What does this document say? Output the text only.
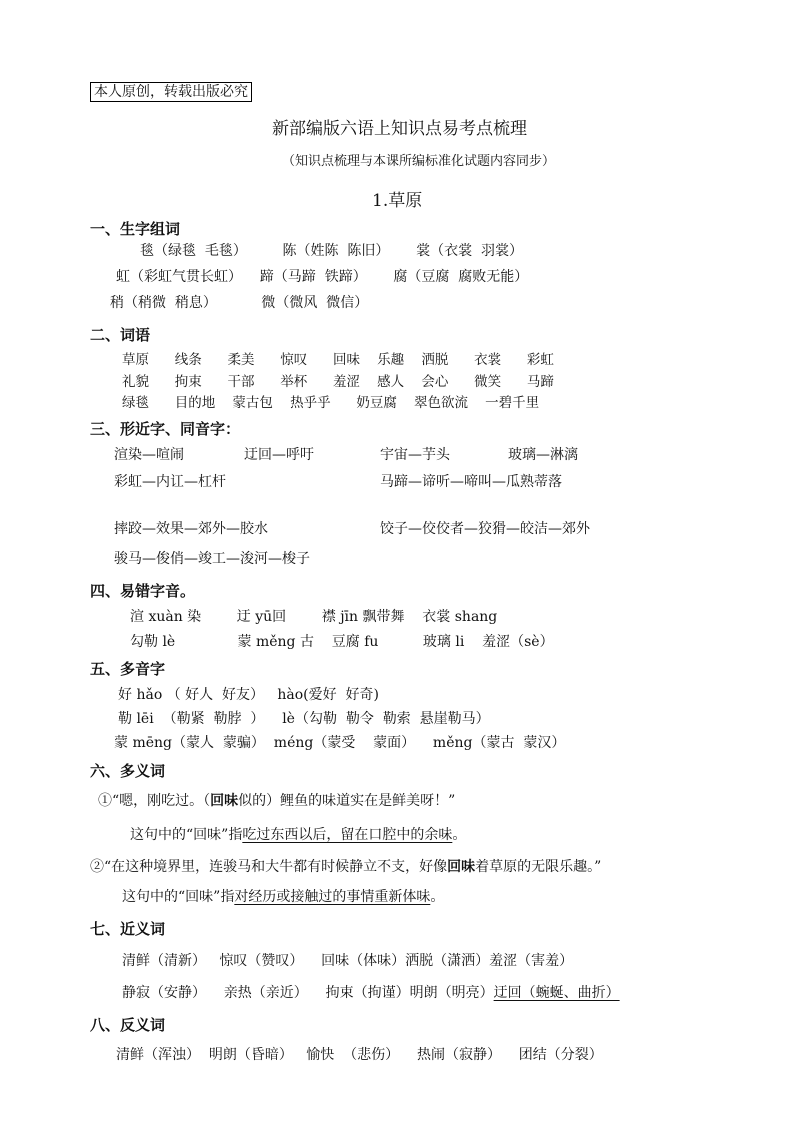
本人原创，转载出版必究
新部编版六语上知识点易考点梳理
（知识点梳理与本课所编标准化试题内容同步）
1.草原
一、生字组词
毯（绿毯  毛毯）        陈（姓陈  陈旧）      裳（衣裳  羽裳）
虹（彩虹气贯长虹）    蹄（马蹄  铁蹄）      腐（豆腐  腐败无能）
稍（稍微  稍息）          微（微风  微信）
二、词语
草原      线条      柔美      惊叹      回味    乐趣    洒脱      衣裳      彩虹
礼貌      拘束      干部      举杯      羞涩    感人    会心      微笑      马蹄
绿毯      目的地    蒙古包    热乎乎      奶豆腐    翠色欲流    一碧千里
三、形近字、同音字：
渲染—喧闹	迂回—呼吁	宇宙—芋头	玻璃—淋漓
彩虹—内讧—杠杆	马蹄—谛听—啼叫—瓜熟蒂落
摔跤—效果—郊外—胶水	饺子—佼佼者—狡猾—皎洁—郊外
骏马—俊俏—竣工—浚河—梭子
四、易错字音。
渲 xuàn 染        迂 yū回        襟 jīn 飘带舞    衣裳 shang
勾勒 lè              蒙 měng 古    豆腐 fu          玻璃 li    羞涩（sè）
五、多音字
好 hǎo （ 好人  好友）   hào(爱好  好奇)
勒 lēi  （勒紧  勒脖  ）    lè（勾勒  勒令  勒索  悬崖勒马）
蒙 mēng（蒙人  蒙骗）  méng（蒙受    蒙面）    měng（蒙古  蒙汉）
六、多义词
①“嗯，刚吃过。（回味似的）鲤鱼的味道实在是鲜美呀！”
这句中的“回味”指吃过东西以后，留在口腔中的余味。
②“在这种境界里，连骏马和大牛都有时候静立不支，好像回味着草原的无限乐趣。”
这句中的“回味”指对经历或接触过的事情重新体味。
七、近义词
清鲜（清新）   惊叹（赞叹）    回味（体味）洒脱（潇洒）羞涩（害羞）
静寂（安静）    亲热（亲近）    拘束（拘谨）明朗（明亮）迂回（蜿蜒、曲折）
八、反义词
清鲜（浑浊）  明朗（昏暗）   愉快  （悲伤）    热闹（寂静）    团结（分裂）
